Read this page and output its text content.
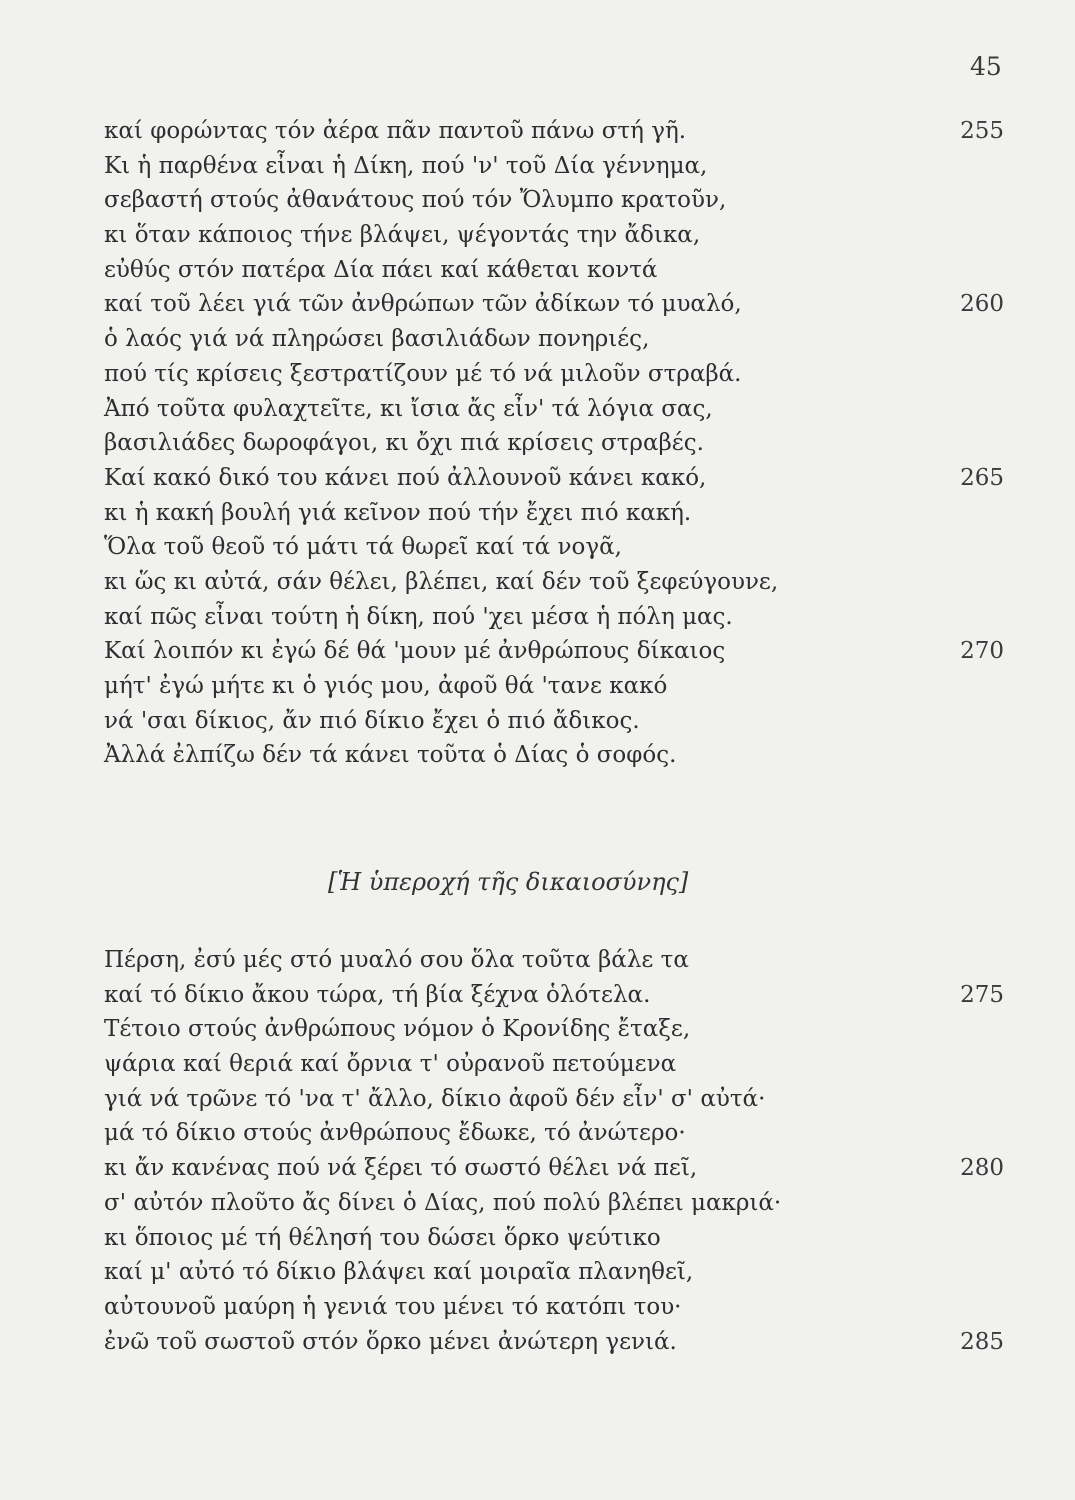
45
καί φορώντας τόν ἀέρα πᾶν παντοῦ πάνω στή γῆ.	255
Κι ἡ παρθένα εἶναι ἡ Δίκη, πού 'ν' τοῦ Δία γέννημα,
σεβαστή στούς ἀθανάτους πού τόν Ὄλυμπο κρατοῦν,
κι ὅταν κάποιος τήνε βλάψει, ψέγοντάς την ἄδικα,
εὐθύς στόν πατέρα Δία πάει καί κάθεται κοντά
καί τοῦ λέει γιά τῶν ἀνθρώπων τῶν ἀδίκων τό μυαλό,	260
ὁ λαός γιά νά πληρώσει βασιλιάδων πονηριές,
πού τίς κρίσεις ξεστρατίζουν μέ τό νά μιλοῦν στραβά.
Ἀπό τοῦτα φυλαχτεῖτε, κι ἴσια ἄς εἶν' τά λόγια σας,
βασιλιάδες δωροφάγοι, κι ὄχι πιά κρίσεις στραβές.
Καί κακό δικό του κάνει πού ἀλλουνοῦ κάνει κακό,	265
κι ἡ κακή βουλή γιά κεῖνον πού τήν ἔχει πιό κακή.
Ὅλα τοῦ θεοῦ τό μάτι τά θωρεῖ καί τά νογᾶ,
κι ὥς κι αὐτά, σάν θέλει, βλέπει, καί δέν τοῦ ξεφεύγουνε,
καί πῶς εἶναι τούτη ἡ δίκη, πού 'χει μέσα ἡ πόλη μας.
Καί λοιπόν κι ἐγώ δέ θά 'μουν μέ ἀνθρώπους δίκαιος	270
μήτ' ἐγώ μήτε κι ὁ γιός μου, ἀφοῦ θά 'τανε κακό
νά 'σαι δίκιος, ἄν πιό δίκιο ἔχει ὁ πιό ἄδικος.
Ἀλλά ἐλπίζω δέν τά κάνει τοῦτα ὁ Δίας ὁ σοφός.
[Ἡ ὑπεροχή τῆς δικαιοσύνης]
Πέρση, ἐσύ μές στό μυαλό σου ὅλα τοῦτα βάλε τα
καί τό δίκιο ἄκου τώρα, τή βία ξέχνα ὁλότελα.	275
Τέτοιο στούς ἀνθρώπους νόμον ὁ Κρονίδης ἔταξε,
ψάρια καί θεριά καί ὄρνια τ' οὐρανοῦ πετούμενα
γιά νά τρῶνε τό 'να τ' ἄλλο, δίκιο ἀφοῦ δέν εἶν' σ' αὐτά·
μά τό δίκιο στούς ἀνθρώπους ἔδωκε, τό ἀνώτερο·
κι ἄν κανένας πού νά ξέρει τό σωστό θέλει νά πεῖ,	280
σ' αὐτόν πλοῦτο ἄς δίνει ὁ Δίας, πού πολύ βλέπει μακριά·
κι ὅποιος μέ τή θέλησή του δώσει ὅρκο ψεύτικο
καί μ' αὐτό τό δίκιο βλάψει καί μοιραῖα πλανηθεῖ,
αὐτουνοῦ μαύρη ἡ γενιά του μένει τό κατόπι του·
ἐνῶ τοῦ σωστοῦ στόν ὅρκο μένει ἀνώτερη γενιά.	285
